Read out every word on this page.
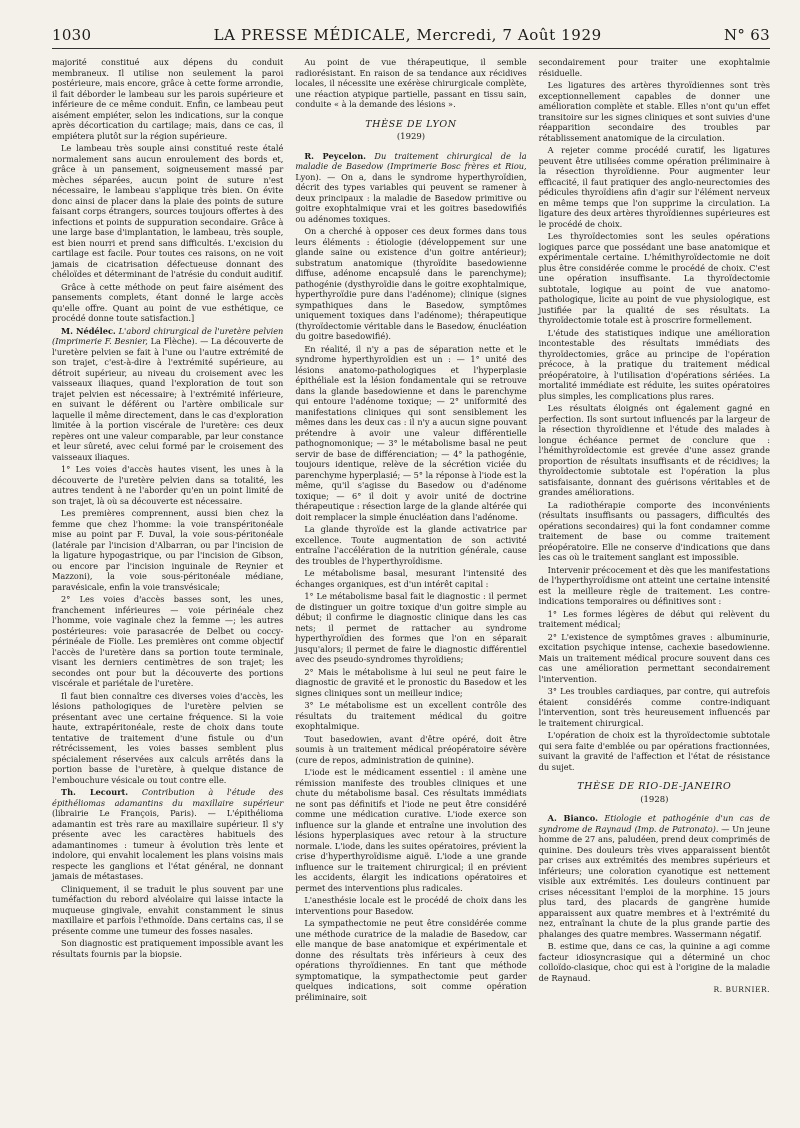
1030	LA PRESSE MÉDICALE, Mercredi, 7 Août 1929	N° 63

majorité constitué aux dépens du conduit membraneux. Il utilise non seulement la paroi postérieure, mais encore, grâce à cette forme arrondie, il fait déborder le lambeau sur les parois supérieure et inférieure de ce même conduit. Enfin, ce lambeau peut aisément empiéter, selon les indications, sur la conque après décortication du cartilage; mais, dans ce cas, il empiétera plutôt sur la région supérieure.

Le lambeau très souple ainsi constitué reste étalé normalement sans aucun enroulement des bords et, grâce à un pansement, soigneusement massé par mèches séparées, aucun point de suture n'est nécessaire, le lambeau s'applique très bien. On évite donc ainsi de placer dans la plaie des points de suture faisant corps étrangers, sources toujours offertes à des infections et points de suppuration secondaire. Grâce à une large base d'implantation, le lambeau, très souple, est bien nourri et prend sans difficultés. L'excision du cartilage est facile. Pour toutes ces raisons, on ne voit jamais de cicatrisation défectueuse donnant des chéloïdes et déterminant de l'atrésie du conduit auditif.

Grâce à cette méthode on peut faire aisément des pansements complets, étant donné le large accès qu'elle offre. Quant au point de vue esthétique, ce procédé donne toute satisfaction.]

M. Nédélec. L'abord chirurgical de l'uretère pelvien (Imprimerie F. Besnier, La Flèche). — La découverte de l'uretère pelvien se fait à l'une ou l'autre extrémité de son trajet, c'est-à-dire à l'extrémité supérieure, au détroit supérieur, au niveau du croisement avec les vaisseaux iliaques, quand l'exploration de tout son trajet pelvien est nécessaire; à l'extrémité inférieure, en suivant le déférent ou l'artère ombilicale sur laquelle il même directement, dans le cas d'exploration limitée à la portion viscérale de l'uretère: ces deux repères ont une valeur comparable, par leur constance et leur sûreté, avec celui formé par le croisement des vaisseaux iliaques.

1° Les voies d'accès hautes visent, les unes à la découverte de l'uretère pelvien dans sa totalité, les autres tendent à ne l'aborder qu'en un point limité de son trajet, là où sa découverte est nécessaire.

Les premières comprennent, aussi bien chez la femme que chez l'homme: la voie transpéritonéale mise au point par F. Duval, la voie sous-péritonéale (latérale par l'incision d'Albarran, ou par l'incision de la ligature hypogastrique, ou par l'incision de Gibson, ou encore par l'incision inguinale de Reynier et Mazzoni), la voie sous-péritonéale médiane, paravésicale, enfin la voie transvésicale;

2° Les voies d'accès basses sont, les unes, franchement inférieures — voie périnéale chez l'homme, voie vaginale chez la femme —; les autres postérieures: voie parasacrée de Delbet ou coccy-périnéale de Fiolle. Les premières ont comme objectif l'accès de l'uretère dans sa portion toute terminale, visant les derniers centimètres de son trajet; les secondes ont pour but la découverte des portions viscérale et pariétale de l'uretère.

Il faut bien connaître ces diverses voies d'accès, les lésions pathologiques de l'uretère pelvien se présentant avec une certaine fréquence. Si la voie haute, extrapéritonéale, reste de choix dans toute tentative de traitement d'une fistule ou d'un rétrécissement, les voies basses semblent plus spécialement réservées aux calculs arrêtés dans la portion basse de l'uretère, à quelque distance de l'embouchure vésicale ou tout contre elle.

Th. Lecourt. Contribution à l'étude des épithéliomas adamantins du maxillaire supérieur (librairie Le François, Paris). — L'épithélioma adamantin est très rare au maxillaire supérieur. Il s'y présente avec les caractères habituels des adamantinomes : tumeur à évolution très lente et indolore, qui envahit localement les plans voisins mais respecte les ganglions et l'état général, ne donnant jamais de métastases.

Cliniquement, il se traduit le plus souvent par une tuméfaction du rebord alvéolaire qui laisse intacte la muqueuse gingivale, envahit constamment le sinus maxillaire et parfois l'ethmoïde. Dans certains cas, il se présente comme une tumeur des fosses nasales.

Son diagnostic est pratiquement impossible avant les résultats fournis par la biopsie.

Au point de vue thérapeutique, il semble radiorésistant. En raison de sa tendance aux récidives locales, il nécessite une exérèse chirurgicale complète, une réaction atypique partielle, passant en tissu sain, conduite « à la demande des lésions ».

THÈSE DE LYON
(1929)

R. Peycelon. Du traitement chirurgical de la maladie de Basedow (Imprimerie Bosc frères et Riou, Lyon). — On a, dans le syndrome hyperthyroïdien, décrit des types variables qui peuvent se ramener à deux principaux : la maladie de Basedow primitive ou goitre exophtalmique vrai et les goitres basedowifiés ou adénomes toxiques.

On a cherché à opposer ces deux formes dans tous leurs éléments : étiologie (développement sur une glande saine ou existence d'un goitre antérieur); substratum anatomique (thyroïdite basedowienne diffuse, adénome encapsulé dans le parenchyme); pathogénie (dysthyroïdie dans le goitre exophtalmique, hyperthyroïdie pure dans l'adénome); clinique (signes sympathiques dans le Basedow, symptômes uniquement toxiques dans l'adénome); thérapeutique (thyroïdectomie véritable dans le Basedow, énucléation du goitre basedowifié).

En réalité, il n'y a pas de séparation nette et le syndrome hyperthyroïdien est un : — 1° unité des lésions anatomo-pathologiques et l'hyperplasie épithéliale est la lésion fondamentale qui se retrouve dans la glande basedowienne et dans le parenchyme qui entoure l'adénome toxique; — 2° uniformité des manifestations cliniques qui sont sensiblement les mêmes dans les deux cas : il n'y a aucun signe pouvant prétendre à avoir une valeur différentielle pathognomonique; — 3° le métabolisme basal ne peut servir de base de différenciation; — 4° la pathogénie, toujours identique, relève de la sécrétion viciée du parenchyme hyperplasié; — 5° la réponse à l'iode est la même, qu'il s'agisse du Basedow ou d'adénome toxique; — 6° il doit y avoir unité de doctrine thérapeutique : résection large de la glande altérée qui doit remplacer la simple énucléation dans l'adénome.

La glande thyroïde est la glande activatrice par excellence. Toute augmentation de son activité entraîne l'accélération de la nutrition générale, cause des troubles de l'hyperthyroïdisme.

Le métabolisme basal, mesurant l'intensité des échanges organiques, est d'un intérêt capital :

1° Le métabolisme basal fait le diagnostic : il permet de distinguer un goitre toxique d'un goitre simple au début; il confirme le diagnostic clinique dans les cas nets; il permet de rattacher au syndrome hyperthyroïdien des formes que l'on en séparait jusqu'alors; il permet de faire le diagnostic différentiel avec des pseudo-syndromes thyroïdiens;

2° Mais le métabolisme à lui seul ne peut faire le diagnostic de gravité et le pronostic du Basedow et les signes cliniques sont un meilleur indice;

3° Le métabolisme est un excellent contrôle des résultats du traitement médical du goitre exophtalmique.

Tout basedowien, avant d'être opéré, doit être soumis à un traitement médical préopératoire sévère (cure de repos, administration de quinine).

L'iode est le médicament essentiel : il amène une rémission manifeste des troubles cliniques et une chute du métabolisme basal. Ces résultats immédiats ne sont pas définitifs et l'iode ne peut être considéré comme une médication curative. L'iode exerce son influence sur la glande et entraîne une involution des lésions hyperplasiques avec retour à la structure normale. L'iode, dans les suites opératoires, prévient la crise d'hyperthyroïdisme aiguë. L'iode a une grande influence sur le traitement chirurgical; il en prévient les accidents, élargit les indications opératoires et permet des interventions plus radicales.

L'anesthésie locale est le procédé de choix dans les interventions pour Basedow.

La sympathectomie ne peut être considérée comme une méthode curatrice de la maladie de Basedow, car elle manque de base anatomique et expérimentale et donne des résultats très inférieurs à ceux des opérations thyroïdiennes. En tant que méthode symptomatique, la sympathectomie peut garder quelques indications, soit comme opération préliminaire, soit

secondairement pour traiter une exophtalmie résiduelle.

Les ligatures des artères thyroïdiennes sont très exceptionnellement capables de donner une amélioration complète et stable. Elles n'ont qu'un effet transitoire sur les signes cliniques et sont suivies d'une réapparition secondaire des troubles par rétablissement anatomique de la circulation.

A rejeter comme procédé curatif, les ligatures peuvent être utilisées comme opération préliminaire à la résection thyroïdienne. Pour augmenter leur efficacité, il faut pratiquer des anglo-neurectomies des pédicules thyroïdiens afin d'agir sur l'élément nerveux en même temps que l'on supprime la circulation. La ligature des deux artères thyroïdiennes supérieures est le procédé de choix.

Les thyroïdectomies sont les seules opérations logiques parce que possédant une base anatomique et expérimentale certaine. L'hémithyroïdectomie ne doit plus être considérée comme le procédé de choix. C'est une opération insuffisante. La thyroïdectomie subtotale, logique au point de vue anatomo-pathologique, licite au point de vue physiologique, est justifiée par la qualité de ses résultats. La thyroïdectomie totale est à proscrire formellement.

L'étude des statistiques indique une amélioration incontestable des résultats immédiats des thyroïdectomies, grâce au principe de l'opération précoce, à la pratique du traitement médical préopératoire, à l'utilisation d'opérations sériées. La mortalité immédiate est réduite, les suites opératoires plus simples, les complications plus rares.

Les résultats éloignés ont également gagné en perfection. Ils sont surtout influencés par la largeur de la résection thyroïdienne et l'étude des malades à longue échéance permet de conclure que : l'hémithyroïdectomie est grevée d'une assez grande proportion de résultats insuffisants et de récidives; la thyroïdectomie subtotale est l'opération la plus satisfaisante, donnant des guérisons véritables et de grandes améliorations.

La radiothérapie comporte des inconvénients (résultats insuffisants ou passagers, difficultés des opérations secondaires) qui la font condamner comme traitement de base ou comme traitement préopératoire. Elle ne conserve d'indications que dans les cas où le traitement sanglant est impossible.

Intervenir précocement et dès que les manifestations de l'hyperthyroïdisme ont atteint une certaine intensité est la meilleure règle de traitement. Les contre-indications temporaires ou définitives sont :

1° Les formes légères de début qui relèvent du traitement médical;

2° L'existence de symptômes graves : albuminurie, excitation psychique intense, cachexie basedowienne. Mais un traitement médical procure souvent dans ces cas une amélioration permettant secondairement l'intervention.

3° Les troubles cardiaques, par contre, qui autrefois étaient considérés comme contre-indiquant l'intervention, sont très heureusement influencés par le traitement chirurgical.

L'opération de choix est la thyroïdectomie subtotale qui sera faite d'emblée ou par opérations fractionnées, suivant la gravité de l'affection et l'état de résistance du sujet.

THÈSE DE RIO-DE-JANEIRO
(1928)

A. Bianco. Etiologie et pathogénie d'un cas de syndrome de Raynaud (Imp. de Patronato). — Un jeune homme de 27 ans, paludéen, prend deux comprimés de quinine. Des douleurs très vives apparaissent bientôt par crises aux extrémités des membres supérieurs et inférieurs; une coloration cyanotique est nettement visible aux extrémités. Les douleurs continuent par crises nécessitant l'emploi de la morphine. 15 jours plus tard, des placards de gangrène humide apparaissent aux quatre membres et à l'extrémité du nez, entraînant la chute de la plus grande partie des phalanges des quatre membres. Wassermann négatif.

B. estime que, dans ce cas, la quinine a agi comme facteur idiosyncrasique qui a déterminé un choc colloïdo-clasique, choc qui est à l'origine de la maladie de Raynaud.

R. BURNIER.
